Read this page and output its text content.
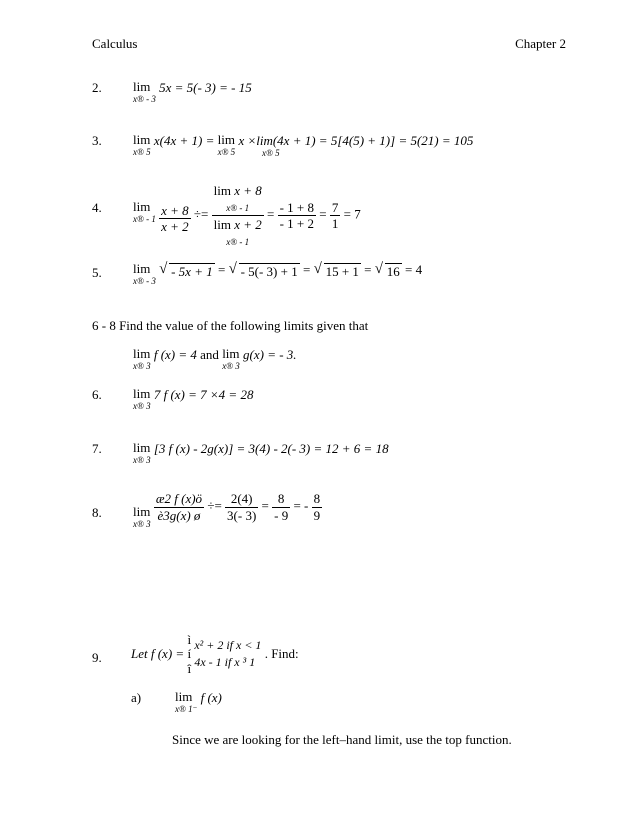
Calculus	Chapter 2
2. lim
x® - 3
5x = 5(- 3) = - 15
3. lim
x® 5
x(4x + 1) = lim
x® 5
x ×lim(4x + 1) = 5[4(5) + 1)] = 5(21) = 105
x® 5
4. lim
x® - 1
$\frac{x + 8}{x + 2}$ ÷=
lim x + 8
x® - 1
lim x + 2
x® - 1
= $\frac{- 1 + 8}{- 1 + 2} = \frac{7}{1} = 7$
5. lim
x® - 3
√ - 5x + 1 = √ - 5(- 3) + 1 = √ 15 + 1 = √ 16 = 4
6 - 8 Find the value of the following limits given that
lim
x® 3
f (x) = 4 and lim
x® 3
g(x) = - 3.
6. lim
x® 3
7 f (x) = 7 ×4 = 28
7. lim
x® 3
[3 f (x) - 2g(x)] = 3(4) - 2(- 3) = 12 + 6 = 18
8. lim
x® 3

$\frac{æ2 f (x)ö}{è3g(x) ø} \div= \frac{2(4)}{3(- 3)} = \frac{8}{- 9}$ = - $\frac{8}{9}$
9. Let f (x) =
ì
í
î

x² + 2 if x < 1
4x - 1 if x ³ 1
. Find:
a)	lim
x® 1⁻
f (x)
Since we are looking for the left–hand limit, use the top function.
